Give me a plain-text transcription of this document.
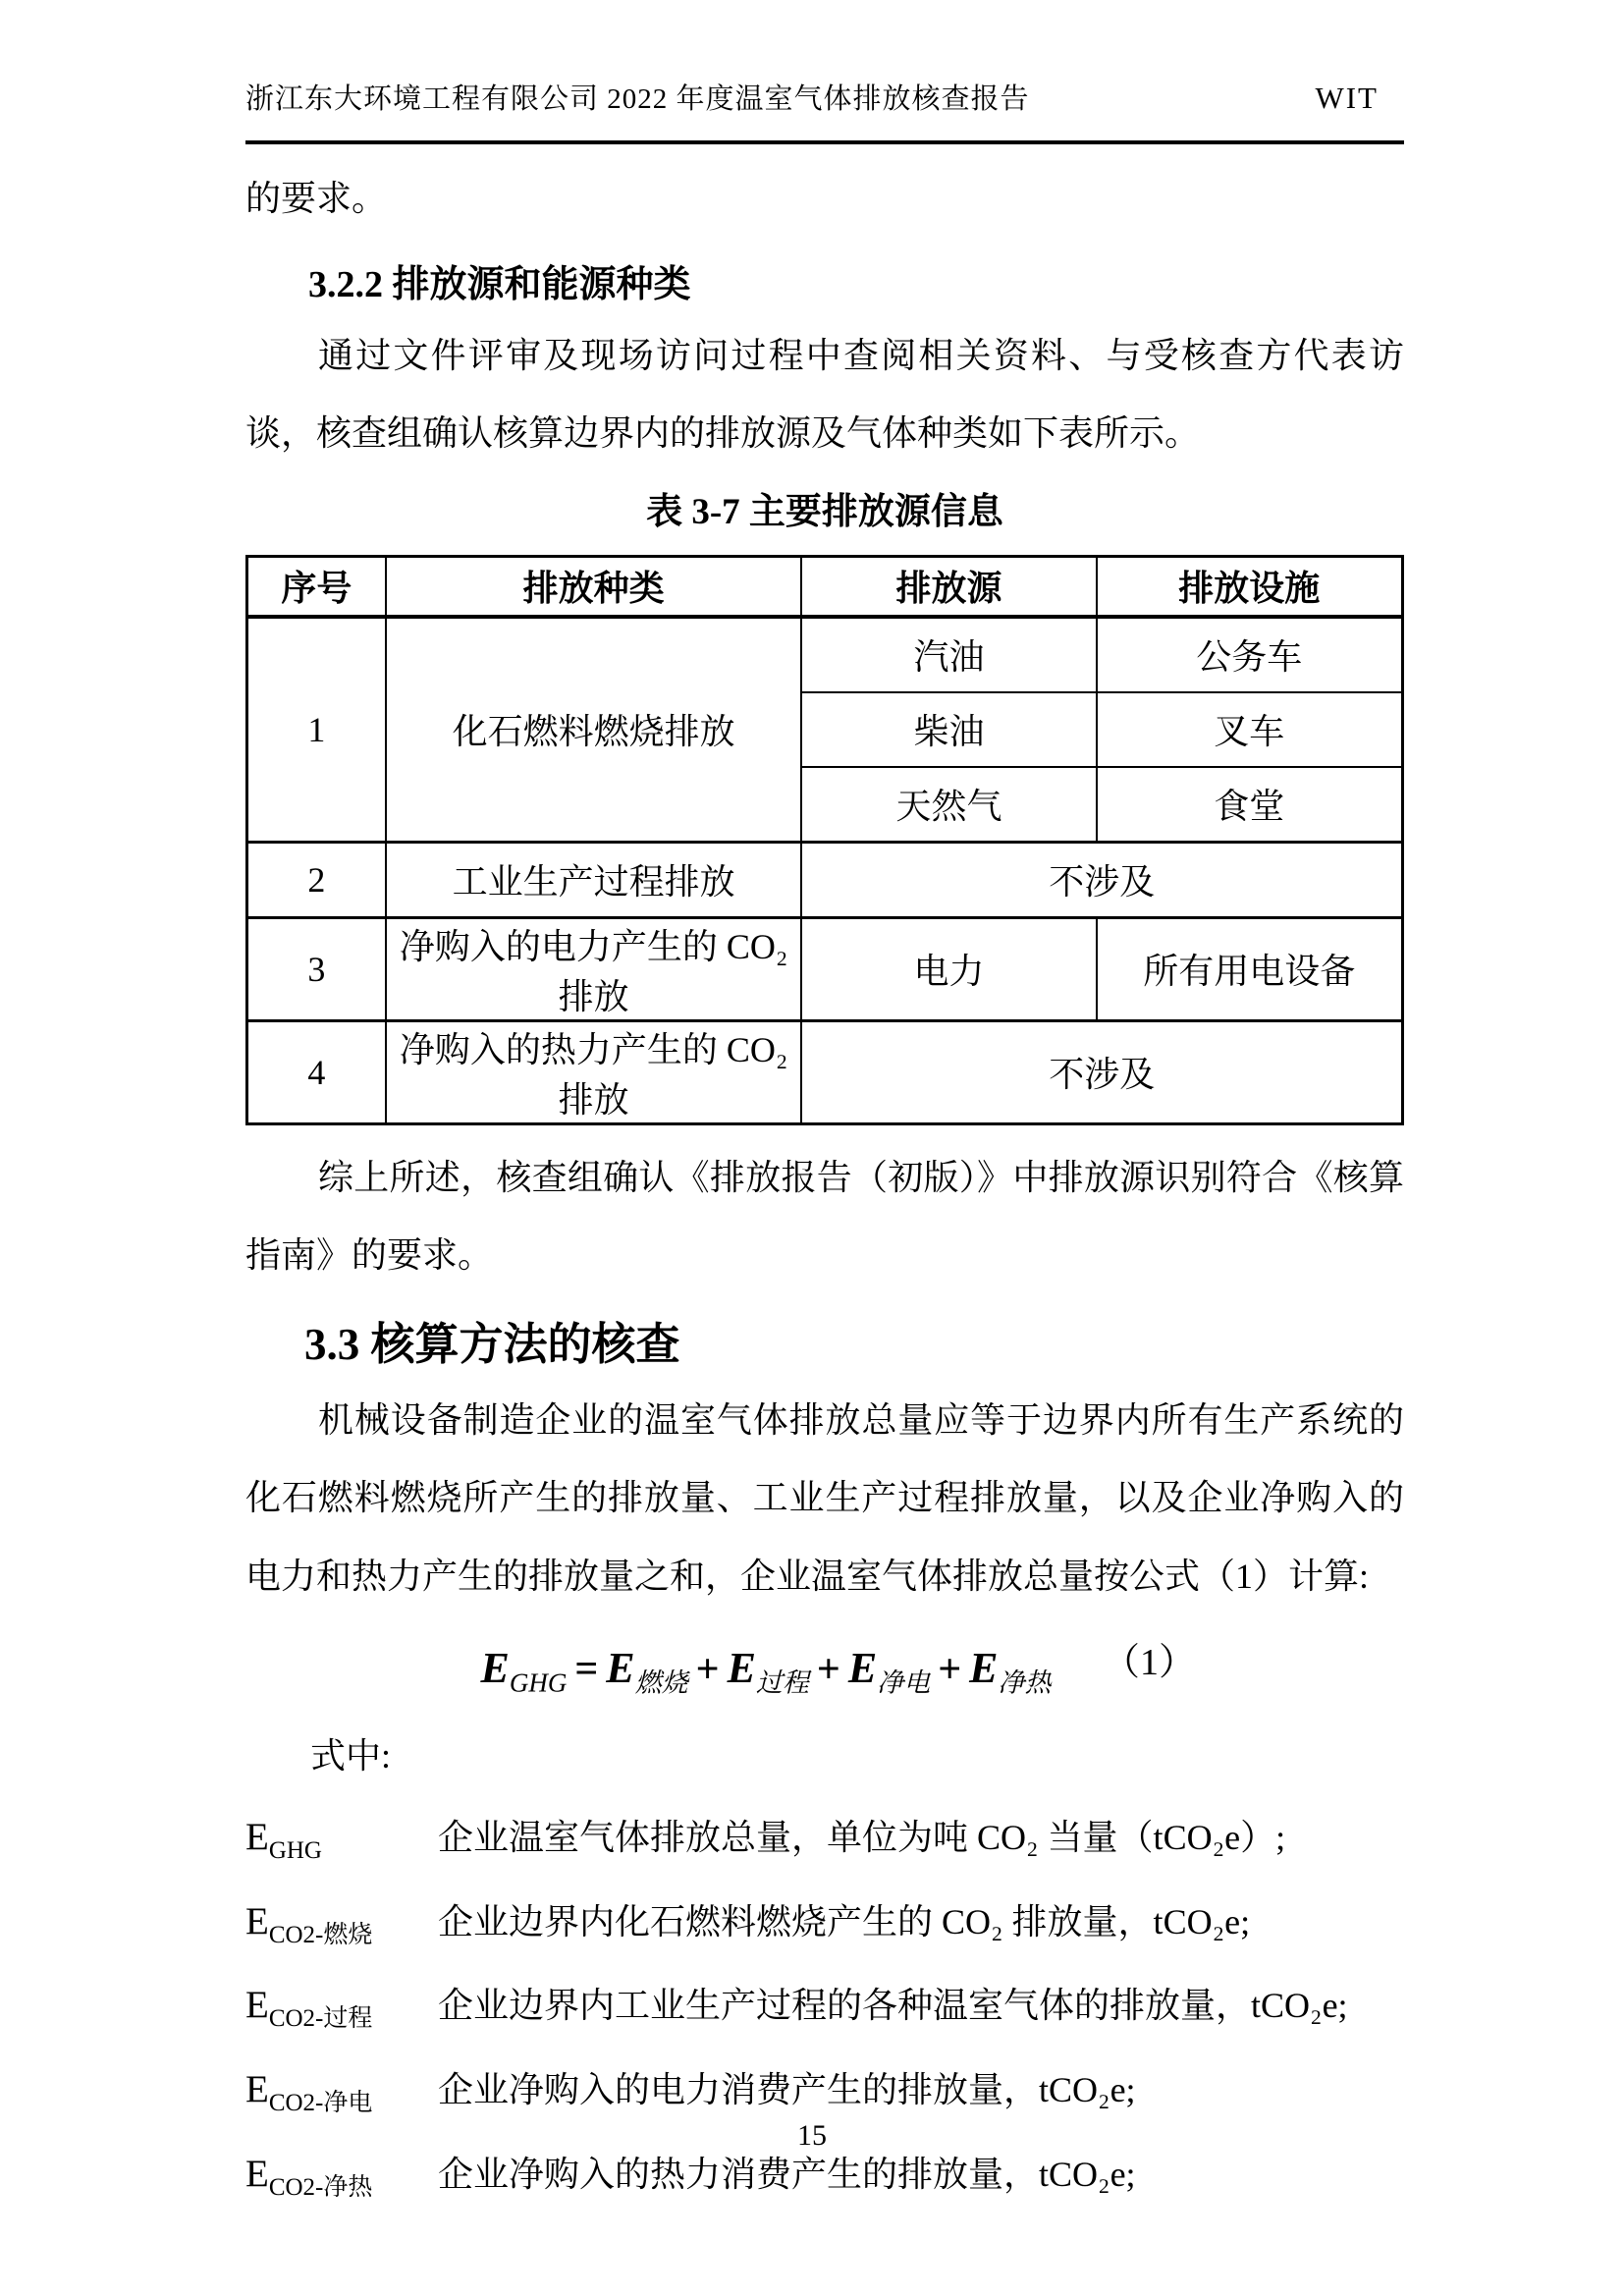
浙江东大环境工程有限公司 2022 年度温室气体排放核查报告	WIT

的要求。

3.2.2 排放源和能源种类

通过文件评审及现场访问过程中查阅相关资料、与受核查方代表访谈，核查组确认核算边界内的排放源及气体种类如下表所示。

表 3-7 主要排放源信息
序号	排放种类	排放源	排放设施
1	化石燃料燃烧排放	汽油	公务车
		柴油	叉车
		天然气	食堂
2	工业生产过程排放	不涉及	
3	净购入的电力产生的 CO₂ 排放	电力	所有用电设备
4	净购入的热力产生的 CO₂ 排放	不涉及	

综上所述，核查组确认《排放报告（初版）》中排放源识别符合《核算指南》的要求。

3.3 核算方法的核查

机械设备制造企业的温室气体排放总量应等于边界内所有生产系统的化石燃料燃烧所产生的排放量、工业生产过程排放量，以及企业净购入的电力和热力产生的排放量之和，企业温室气体排放总量按公式（1）计算:

$E_{GHG} = E_{燃烧} + E_{过程} + E_{净电} + E_{净热}$ （1）

式中:

$E_{GHG}$	企业温室气体排放总量，单位为吨 CO₂ 当量（tCO₂e）;
$E_{CO2-燃烧}$	企业边界内化石燃料燃烧产生的 CO₂ 排放量，tCO₂e;
$E_{CO2-过程}$	企业边界内工业生产过程的各种温室气体的排放量，tCO₂e;
$E_{CO2-净电}$	企业净购入的电力消费产生的排放量，tCO₂e;
$E_{CO2-净热}$	企业净购入的热力消费产生的排放量，tCO₂e;
15
